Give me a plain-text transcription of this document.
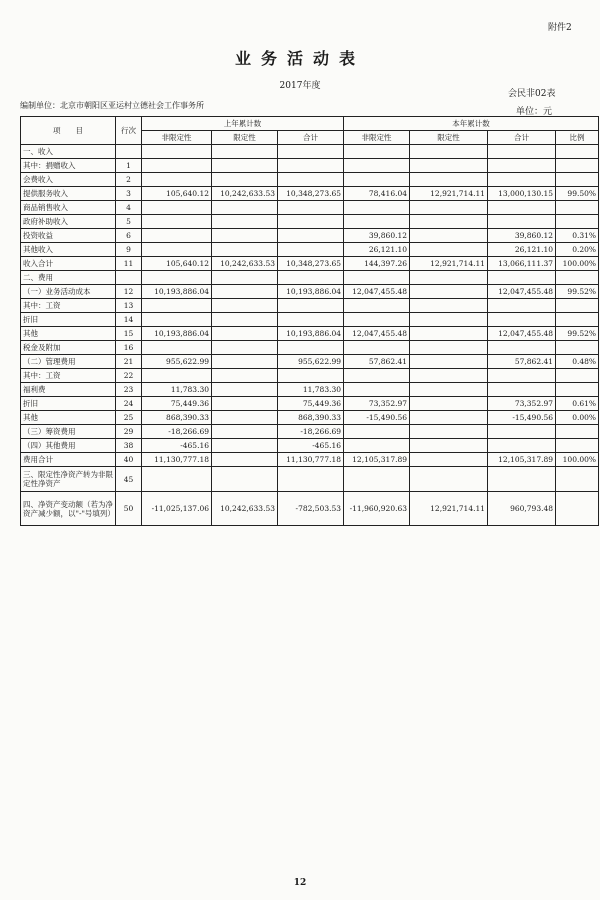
附件2
业务活动表
2017年度
会民非02表
编制单位：北京市朝阳区亚运村立德社会工作事务所
单位：元
项　　目	行次	上年累计数			本年累计数			
		非限定性	限定性	合计	非限定性	限定性	合计	比例
一、收入								
其中：捐赠收入	1							
会费收入	2							
提供服务收入	3	105,640.12	10,242,633.53	10,348,273.65	78,416.04	12,921,714.11	13,000,130.15	99.50%
商品销售收入	4							
政府补助收入	5							
投资收益	6				39,860.12		39,860.12	0.31%
其他收入	9				26,121.10		26,121.10	0.20%
收入合计	11	105,640.12	10,242,633.53	10,348,273.65	144,397.26	12,921,714.11	13,066,111.37	100.00%
二、费用								
（一）业务活动成本	12	10,193,886.04		10,193,886.04	12,047,455.48		12,047,455.48	99.52%
其中：工资	13							
折旧	14							
其他	15	10,193,886.04		10,193,886.04	12,047,455.48		12,047,455.48	99.52%
税金及附加	16							
（二）管理费用	21	955,622.99		955,622.99	57,862.41		57,862.41	0.48%
其中：工资	22							
福利费	23	11,783.30		11,783.30				
折旧	24	75,449.36		75,449.36	73,352.97		73,352.97	0.61%
其他	25	868,390.33		868,390.33	-15,490.56		-15,490.56	0.00%
（三）筹资费用	29	-18,266.69		-18,266.69				
（四）其他费用	38	-465.16		-465.16				
费用合计	40	11,130,777.18		11,130,777.18	12,105,317.89		12,105,317.89	100.00%
三、限定性净资产转为非限定性净资产	45							
四、净资产变动额（若为净资产减少额，以"-"号填列）	50	-11,025,137.06	10,242,633.53	-782,503.53	-11,960,920.63	12,921,714.11	960,793.48	
12
